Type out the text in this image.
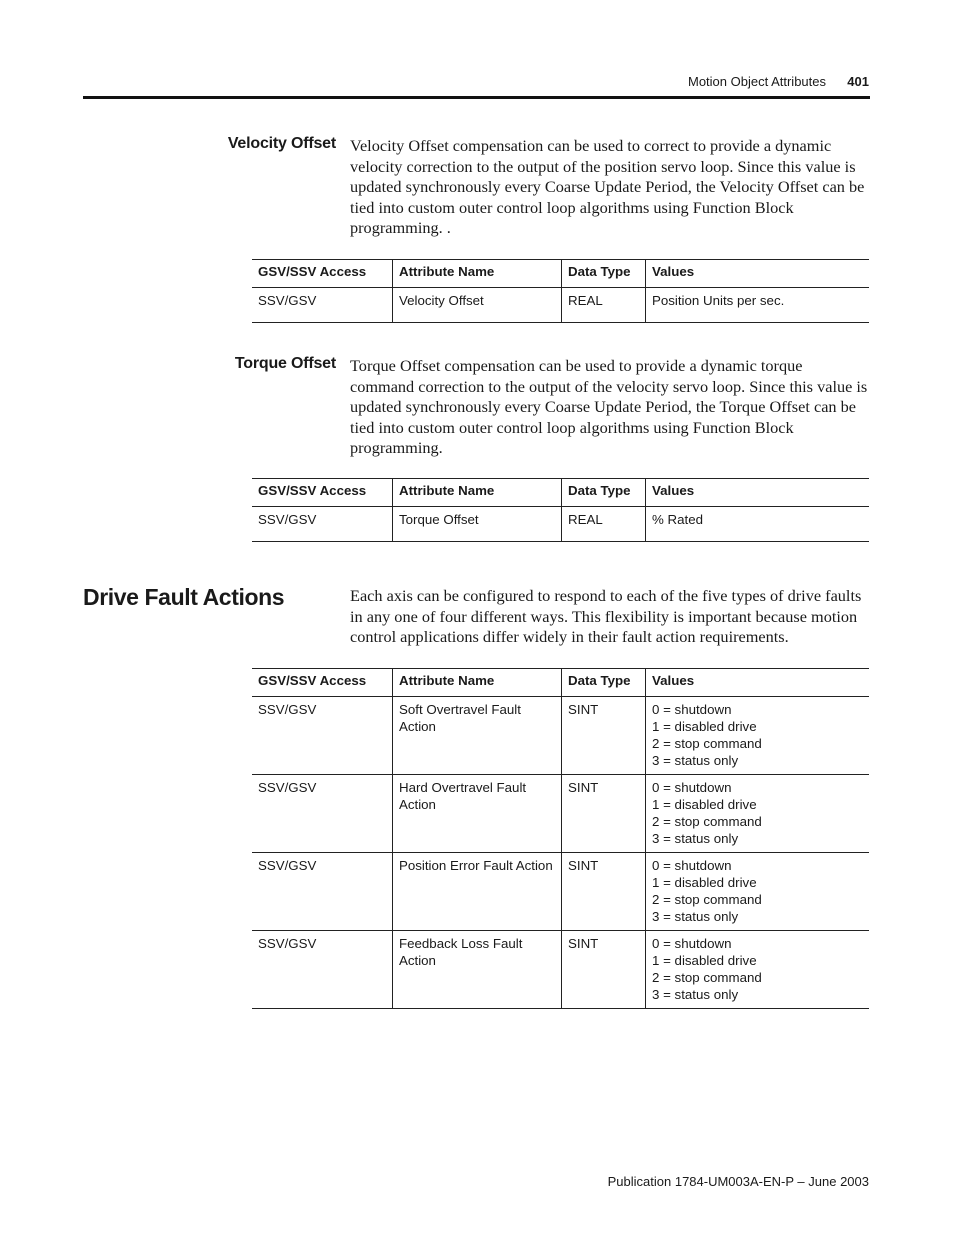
Motion Object Attributes	401
Velocity Offset Velocity Offset compensation can be used to correct to provide a dynamic velocity correction to the output of the position servo loop. Since this value is updated synchronously every Coarse Update Period, the Velocity Offset can be tied into custom outer control loop algorithms using Function Block programming. .
GSV/SSV Access	Attribute Name	Data Type	Values
SSV/GSV	Velocity Offset	REAL	Position Units per sec.
Torque Offset Torque Offset compensation can be used to provide a dynamic torque command correction to the output of the velocity servo loop. Since this value is updated synchronously every Coarse Update Period, the Torque Offset can be tied into custom outer control loop algorithms using Function Block programming.
GSV/SSV Access	Attribute Name	Data Type	Values
SSV/GSV	Torque Offset	REAL	% Rated
Drive Fault Actions	Each axis can be configured to respond to each of the five types of drive faults in any one of four different ways. This flexibility is important because motion control applications differ widely in their fault action requirements.
GSV/SSV Access	Attribute Name	Data Type	Values
SSV/GSV	Soft Overtravel Fault Action	SINT	0 = shutdown
1 = disabled drive
2 = stop command
3 = status only

SSV/GSV	Hard Overtravel Fault Action	SINT	0 = shutdown
1 = disabled drive
2 = stop command
3 = status only

SSV/GSV	Position Error Fault Action	SINT	0 = shutdown
1 = disabled drive
2 = stop command
3 = status only

SSV/GSV	Feedback Loss Fault Action	SINT	0 = shutdown
1 = disabled drive
2 = stop command
3 = status only
Publication 1784-UM003A-EN-P – June 2003
